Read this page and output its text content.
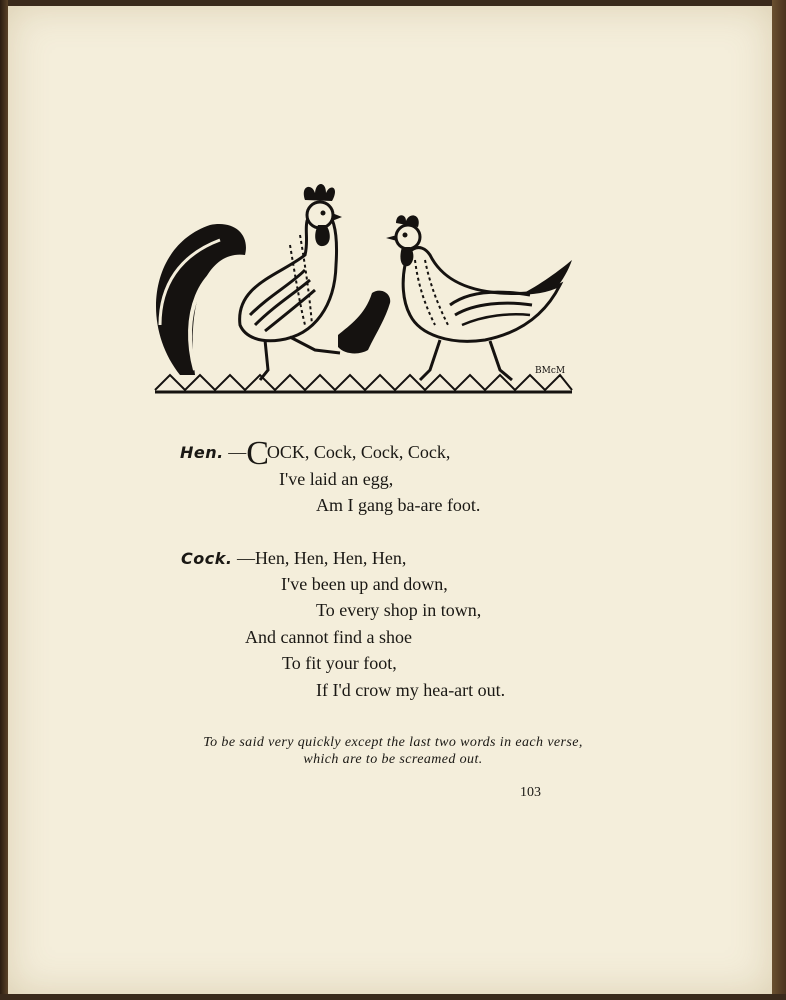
BMcM
Hen. —COCK, Cock, Cock, Cock,
I've laid an egg,
Am I gang ba-are foot.
Cock. —Hen, Hen, Hen, Hen,
I've been up and down,
To every shop in town,
And cannot find a shoe
To fit your foot,
If I'd crow my hea-art out.
To be said very quickly except the last two words in each verse,
which are to be screamed out.
103
